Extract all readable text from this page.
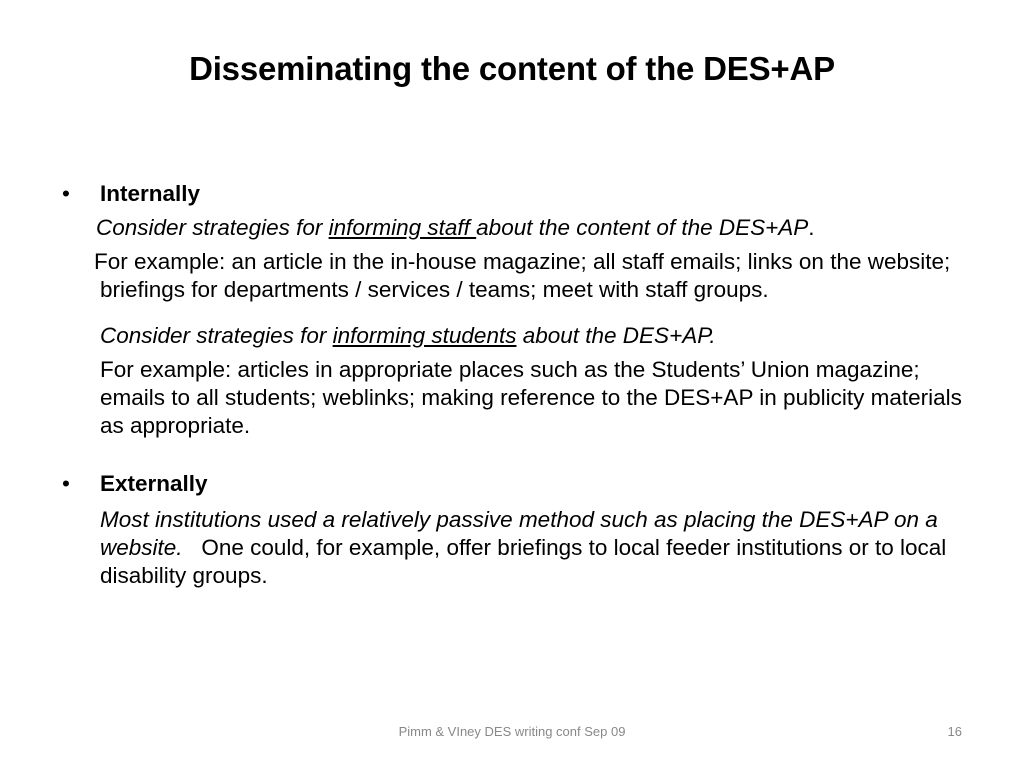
Disseminating the content of the DES+AP
• Internally
Consider strategies for informing staff about the content of the DES+AP.
For example: an article in the in-house magazine; all staff emails; links on the website; briefings for departments / services / teams; meet with staff groups.
Consider strategies for informing students about the DES+AP.
For example: articles in appropriate places such as the Students’ Union magazine; emails to all students; weblinks; making reference to the DES+AP in publicity materials as appropriate.
• Externally
Most institutions used a relatively passive method such as placing the DES+AP on a website. One could, for example, offer briefings to local feeder institutions or to local disability groups.
Pimm & VIney DES writing conf Sep 09	16
